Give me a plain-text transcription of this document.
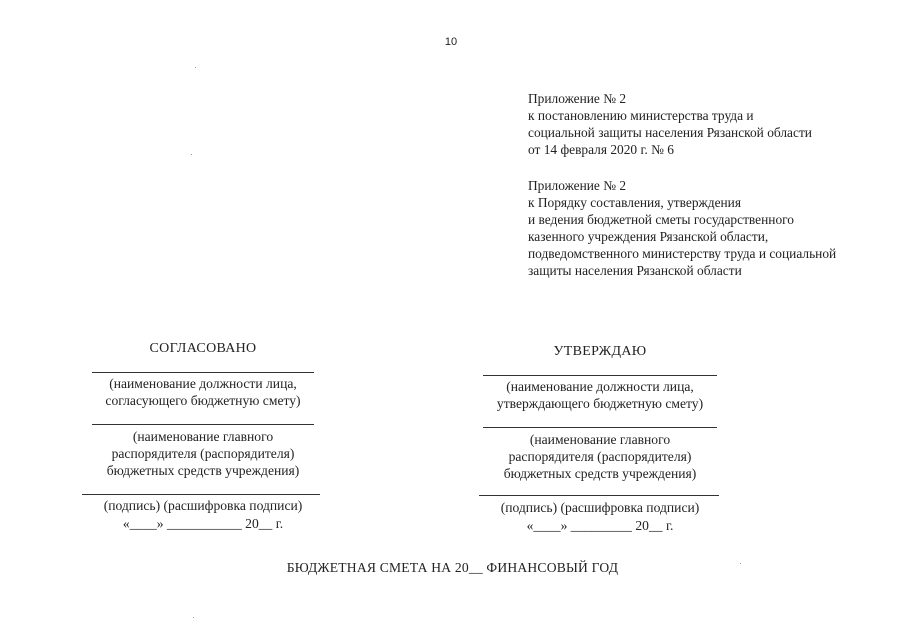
10
Приложение № 2
к постановлению министерства труда и
социальной защиты населения Рязанской области
от 14 февраля 2020 г. № 6
Приложение № 2
к Порядку составления, утверждения
и ведения бюджетной сметы государственного
казенного учреждения Рязанской области,
подведомственного министерству труда и социальной
защиты населения Рязанской области
СОГЛАСОВАНО
(наименование должности лица,
согласующего бюджетную смету)
(наименование главного
распорядителя (распорядителя)
бюджетных средств учреждения)
(подпись) (расшифровка подписи)
«____» ___________ 20__ г.
УТВЕРЖДАЮ
(наименование должности лица,
утверждающего бюджетную смету)
(наименование главного
распорядителя (распорядителя)
бюджетных средств учреждения)
(подпись) (расшифровка подписи)
«____» _________ 20__ г.
БЮДЖЕТНАЯ СМЕТА НА 20__ ФИНАНСОВЫЙ ГОД
